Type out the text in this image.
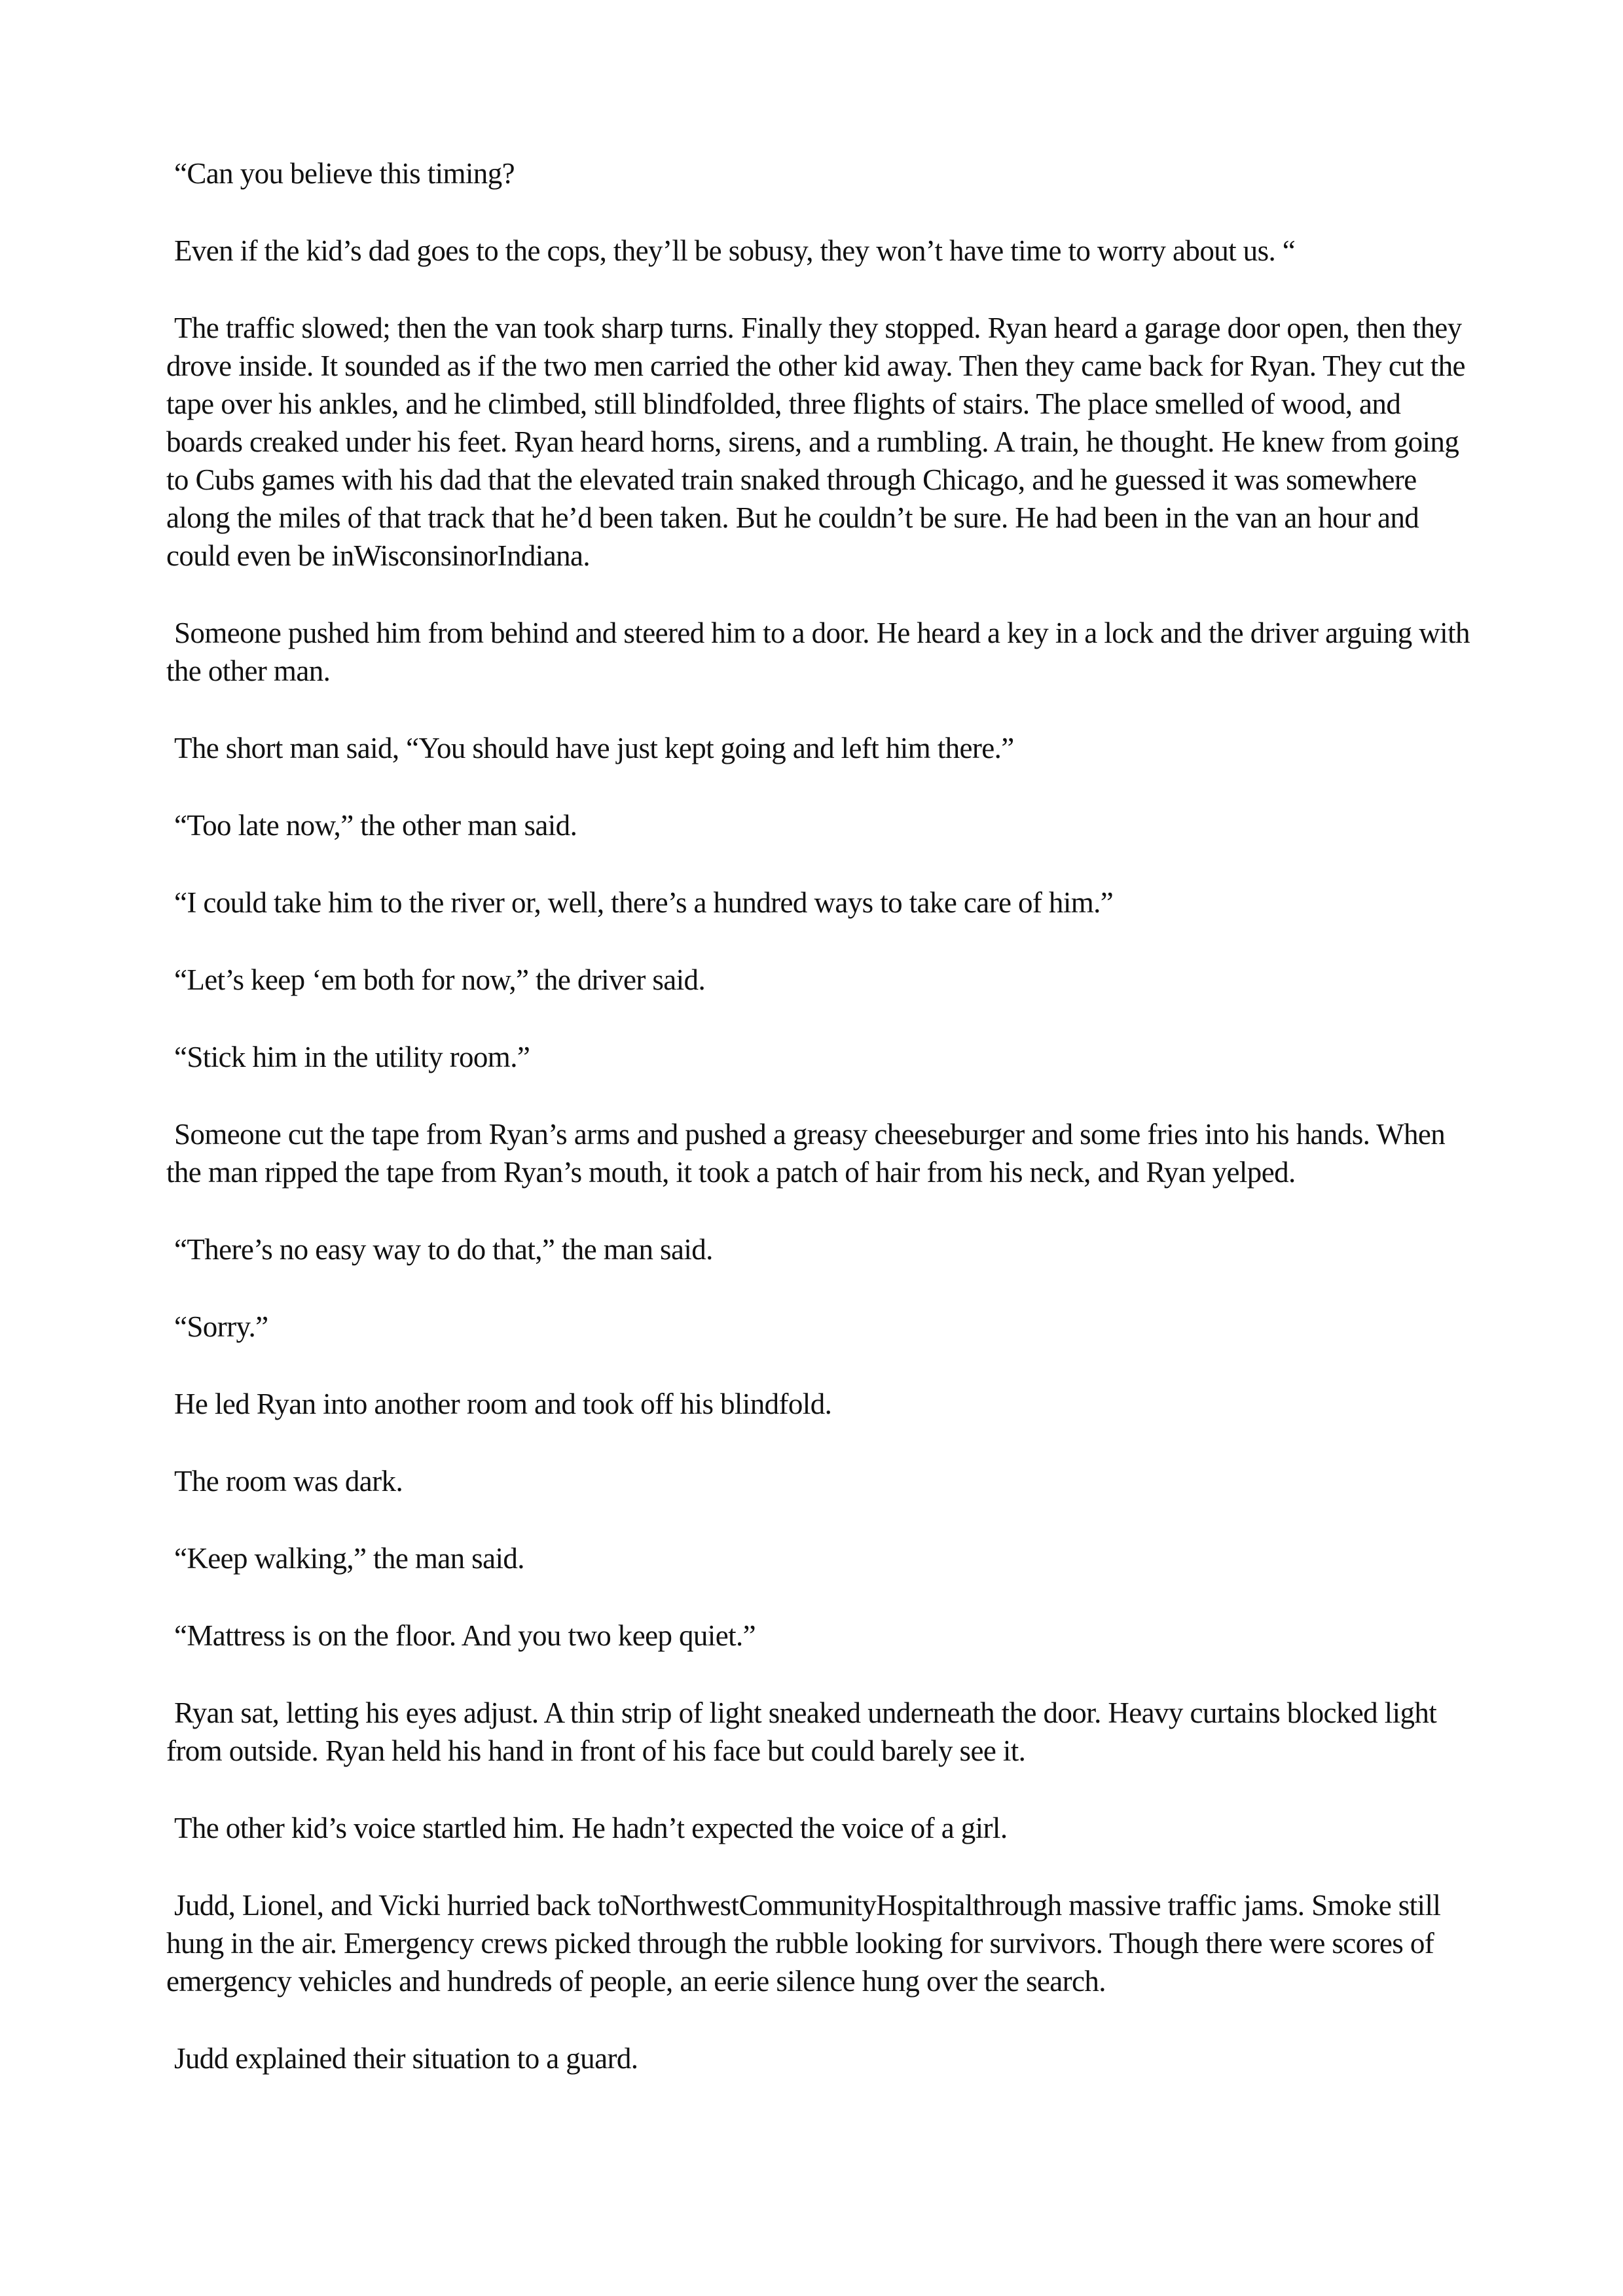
“Can you believe this timing?

Even if the kid’s dad goes to the cops, they’ll be sobusy, they won’t have time to worry about us. “

The traffic slowed; then the van took sharp turns. Finally they stopped. Ryan heard a garage door open, then they drove inside. It sounded as if the two men carried the other kid away. Then they came back for Ryan. They cut the tape over his ankles, and he climbed, still blindfolded, three flights of stairs. The place smelled of wood, and boards creaked under his feet. Ryan heard horns, sirens, and a rumbling. A train, he thought. He knew from going to Cubs games with his dad that the elevated train snaked through Chicago, and he guessed it was somewhere along the miles of that track that he’d been taken. But he couldn’t be sure. He had been in the van an hour and could even be inWisconsinorIndiana.

Someone pushed him from behind and steered him to a door. He heard a key in a lock and the driver arguing with the other man.

The short man said, “You should have just kept going and left him there.”

“Too late now,” the other man said.

“I could take him to the river or, well, there’s a hundred ways to take care of him.”

“Let’s keep ‘em both for now,” the driver said.

“Stick him in the utility room.”

Someone cut the tape from Ryan’s arms and pushed a greasy cheeseburger and some fries into his hands. When the man ripped the tape from Ryan’s mouth, it took a patch of hair from his neck, and Ryan yelped.

“There’s no easy way to do that,” the man said.

“Sorry.”

He led Ryan into another room and took off his blindfold.

The room was dark.

“Keep walking,” the man said.

“Mattress is on the floor. And you two keep quiet.”

Ryan sat, letting his eyes adjust. A thin strip of light sneaked underneath the door. Heavy curtains blocked light from outside. Ryan held his hand in front of his face but could barely see it.

The other kid’s voice startled him. He hadn’t expected the voice of a girl.

Judd, Lionel, and Vicki hurried back toNorthwestCommunityHospitalthrough massive traffic jams. Smoke still hung in the air. Emergency crews picked through the rubble looking for survivors. Though there were scores of emergency vehicles and hundreds of people, an eerie silence hung over the search.

Judd explained their situation to a guard.
